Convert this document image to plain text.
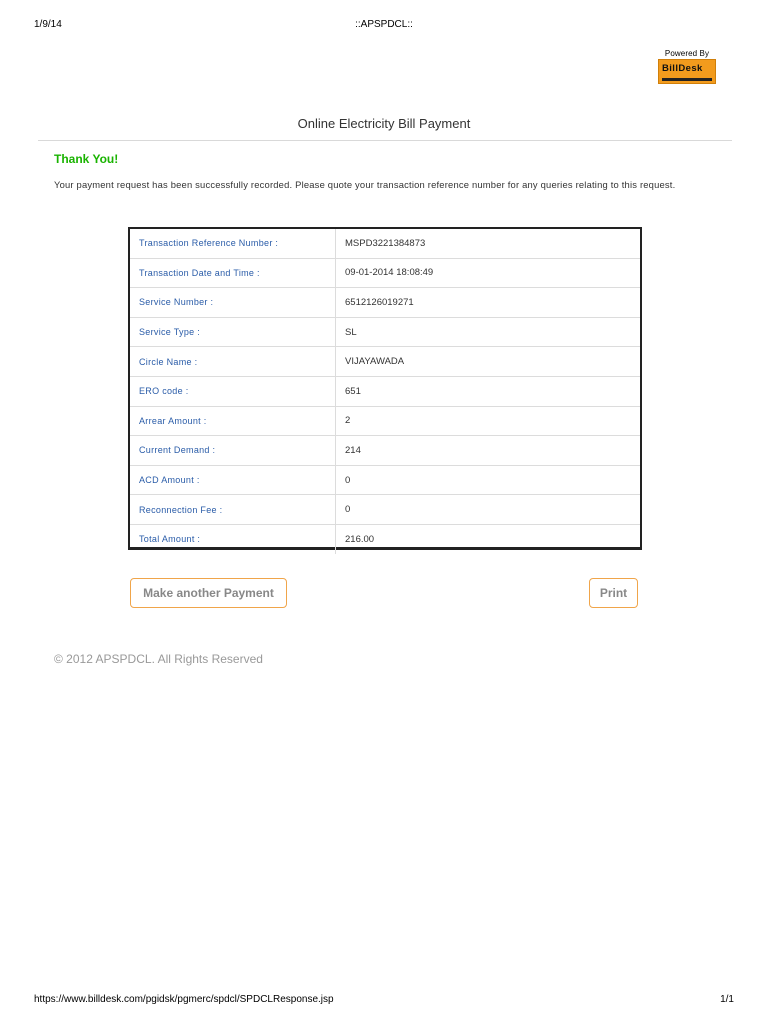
1/9/14	::APSPDCL::
Powered By
BillDesk
Online Electricity Bill Payment
Thank You!
Your payment request has been successfully recorded. Please quote your transaction reference number for any queries relating to this request.
Transaction Reference Number :	MSPD3221384873
Transaction Date and Time :	09-01-2014 18:08:49
Service Number :	6512126019271
Service Type :	SL
Circle Name :	VIJAYAWADA
ERO code :	651
Arrear Amount :	2
Current Demand :	214
ACD Amount :	0
Reconnection Fee :	0
Total Amount :	216.00
Make another Payment	Print
© 2012 APSPDCL. All Rights Reserved
https://www.billdesk.com/pgidsk/pgmerc/spdcl/SPDCLResponse.jsp	1/1
